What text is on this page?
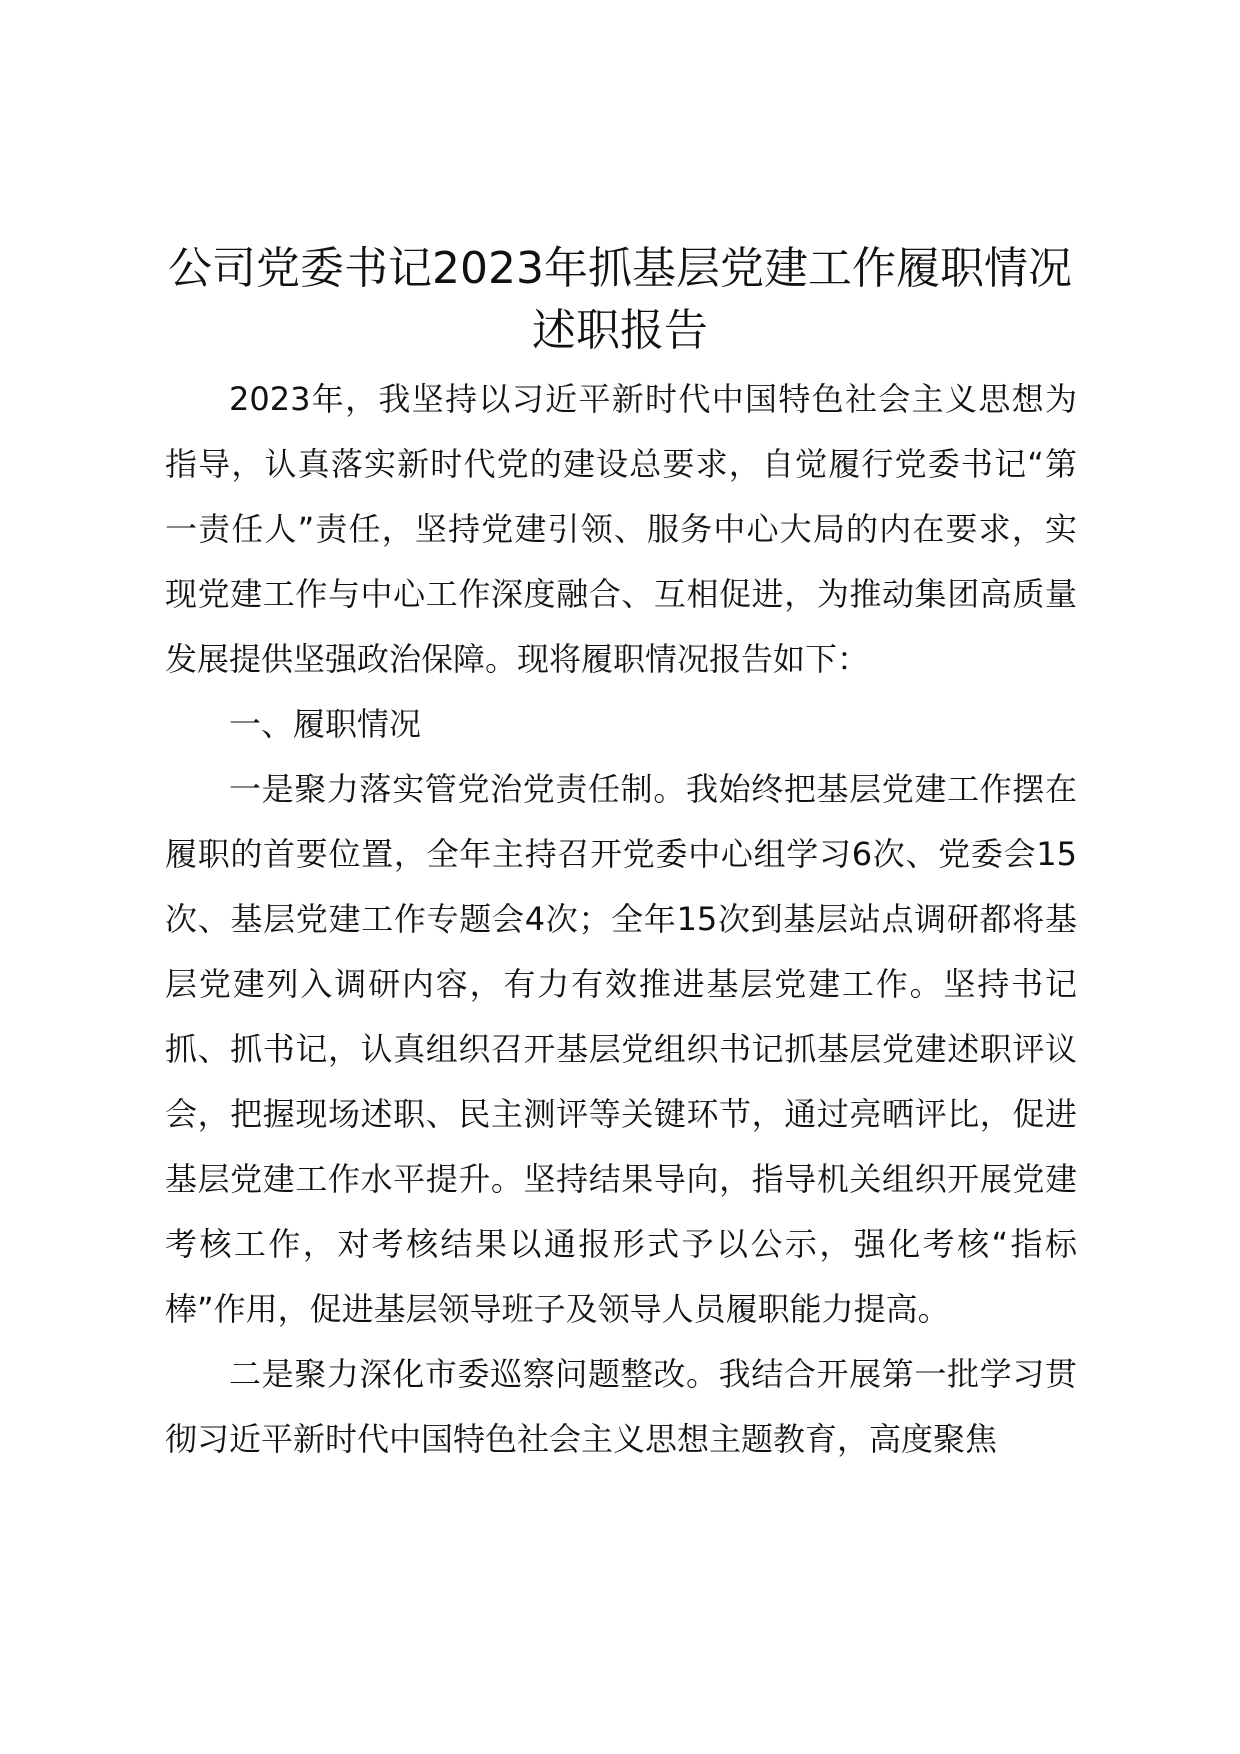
公司党委书记2023年抓基层党建工作履职情况述职报告

2023年，我坚持以习近平新时代中国特色社会主义思想为指导，认真落实新时代党的建设总要求，自觉履行党委书记“第一责任人”责任，坚持党建引领、服务中心大局的内在要求，实现党建工作与中心工作深度融合、互相促进，为推动集团高质量发展提供坚强政治保障。现将履职情况报告如下：

一、履职情况

一是聚力落实管党治党责任制。我始终把基层党建工作摆在履职的首要位置，全年主持召开党委中心组学习6次、党委会15次、基层党建工作专题会4次；全年15次到基层站点调研都将基层党建列入调研内容，有力有效推进基层党建工作。坚持书记抓、抓书记，认真组织召开基层党组织书记抓基层党建述职评议会，把握现场述职、民主测评等关键环节，通过亮晒评比，促进基层党建工作水平提升。坚持结果导向，指导机关组织开展党建考核工作，对考核结果以通报形式予以公示，强化考核“指标棒”作用，促进基层领导班子及领导人员履职能力提高。

二是聚力深化市委巡察问题整改。我结合开展第一批学习贯彻习近平新时代中国特色社会主义思想主题教育，高度聚焦
